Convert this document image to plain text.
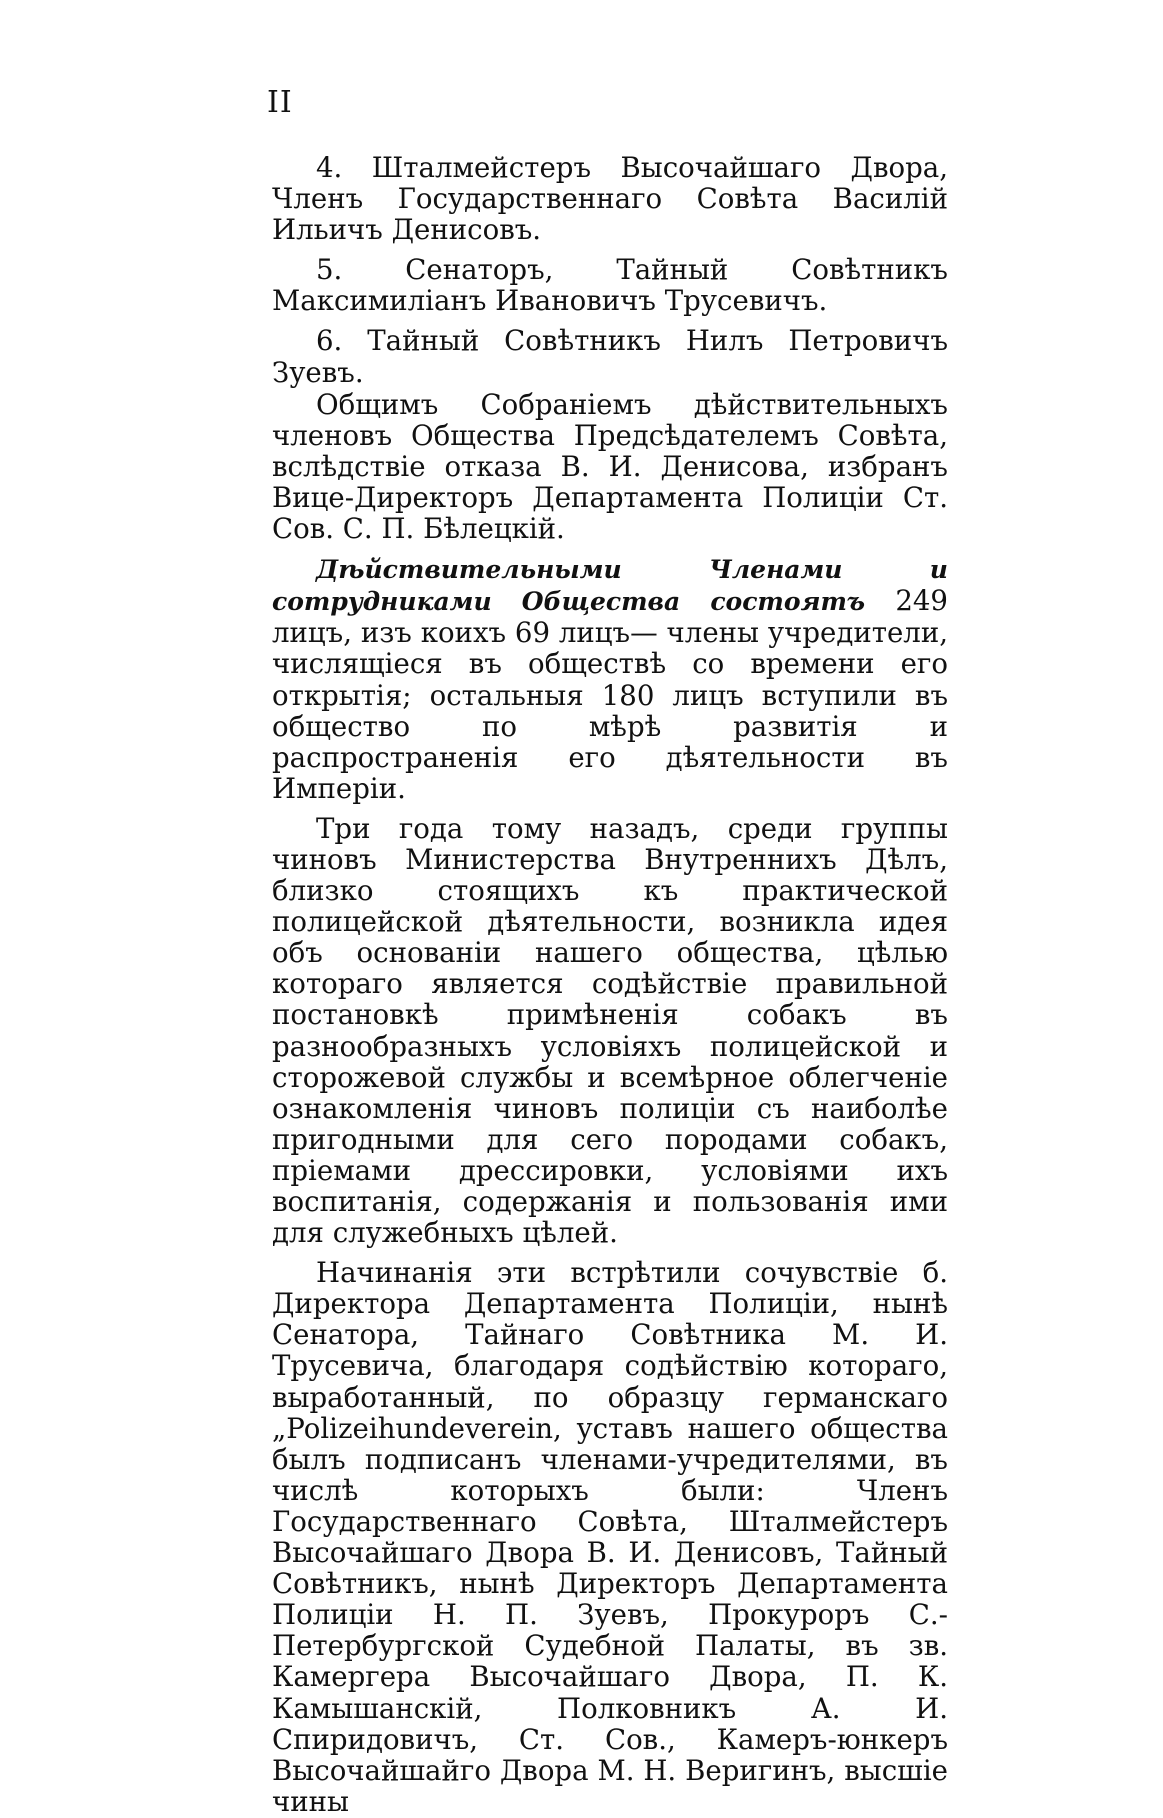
II

4. Шталмейстеръ Высочайшаго Двора, Членъ Государственнаго Совѣта Василій Ильичъ Денисовъ.

5. Сенаторъ, Тайный Совѣтникъ Максимиліанъ Ивановичъ Трусевичъ.

6. Тайный Совѣтникъ Нилъ Петровичъ Зуевъ.

Общимъ Собраніемъ дѣйствительныхъ членовъ Общества Предсѣдателемъ Совѣта, вслѣдствіе отказа В. И. Денисова, избранъ Вице-Директоръ Департамента Полиціи Ст. Сов. С. П. Бѣлецкій.

Дѣйствительными Членами и сотрудниками Общества состоятъ 249 лицъ, изъ коихъ 69 лицъ— члены учредители, числящіеся въ обществѣ со времени его открытія; остальныя 180 лицъ вступили въ общество по мѣрѣ развитія и распространенія его дѣятельности въ Имперіи.

Три года тому назадъ, среди группы чиновъ Министерства Внутреннихъ Дѣлъ, близко стоящихъ къ практической полицейской дѣятельности, возникла идея объ основаніи нашего общества, цѣлью котораго является содѣйствіе правильной постановкѣ примѣненія собакъ въ разнообразныхъ условіяхъ полицейской и сторожевой службы и всемѣрное облегченіе ознакомленія чиновъ полиціи съ наиболѣе пригодными для сего породами собакъ, пріемами дрессировки, условіями ихъ воспитанія, содержанія и пользованія ими для служебныхъ цѣлей.

Начинанія эти встрѣтили сочувствіе б. Директора Департамента Полиціи, нынѣ Сенатора, Тайнаго Совѣтника М. И. Трусевича, благодаря содѣйствію котораго, выработанный, по образцу германскаго „Polizeihundeverein, уставъ нашего общества былъ подписанъ членами-учредителями, въ числѣ которыхъ были: Членъ Государственнаго Совѣта, Шталмейстеръ Высочайшаго Двора В. И. Денисовъ, Тайный Совѣтникъ, нынѣ Директоръ Департамента Полиціи Н. П. Зуевъ, Прокуроръ С.-Петербургской Судебной Палаты, въ зв. Камергера Высочайшаго Двора, П. К. Камышанскій, Полковникъ А. И. Спиридовичъ, Ст. Сов., Камеръ-юнкеръ Высочайшайго Двора М. Н. Веригинъ, высшіе чины
